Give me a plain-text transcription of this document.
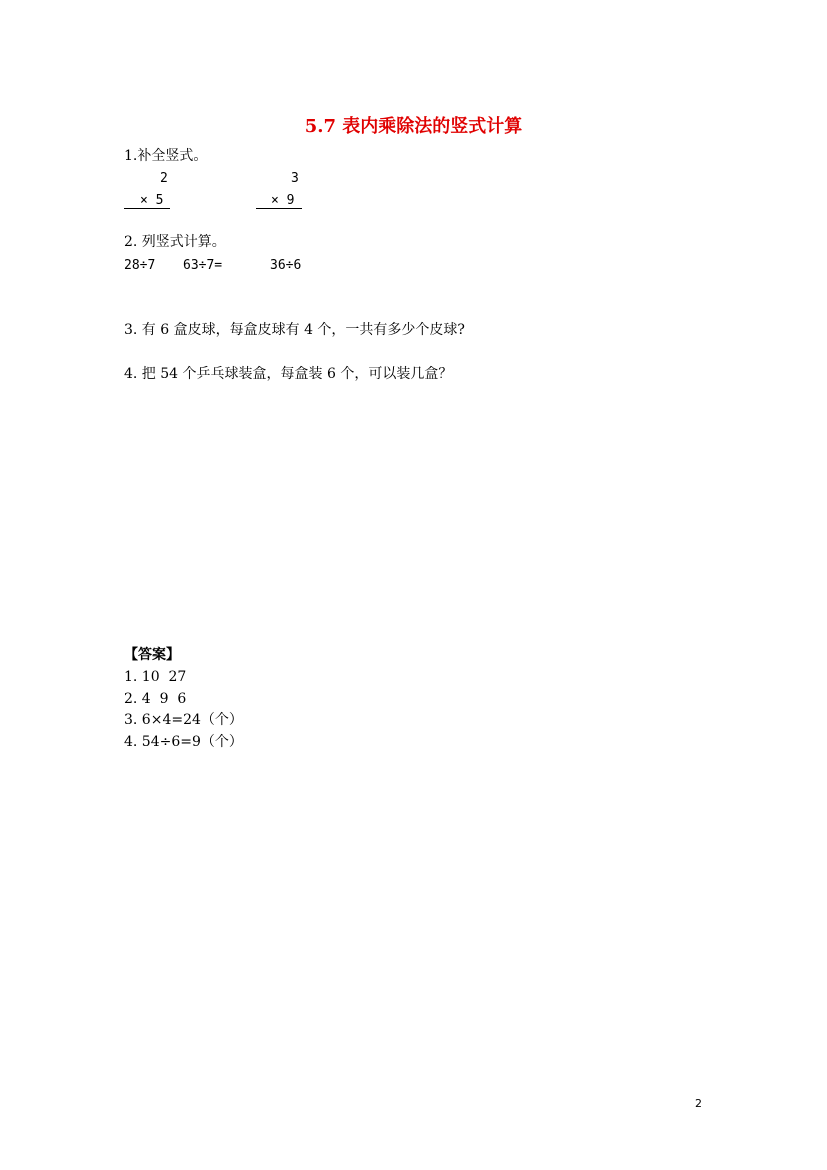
5.7 表内乘除法的竖式计算
1.补全竖式。
2
× 5
3
× 9
2. 列竖式计算。
28÷7 63÷7=	36÷6
3. 有 6 盒皮球，每盒皮球有 4 个，一共有多少个皮球?
4. 把 54 个乒乓球装盒，每盒装 6 个，可以装几盒？
【答案】
1. 10  27
2. 4  9  6
3. 6×4=24（个）
4. 54÷6=9（个）
2
